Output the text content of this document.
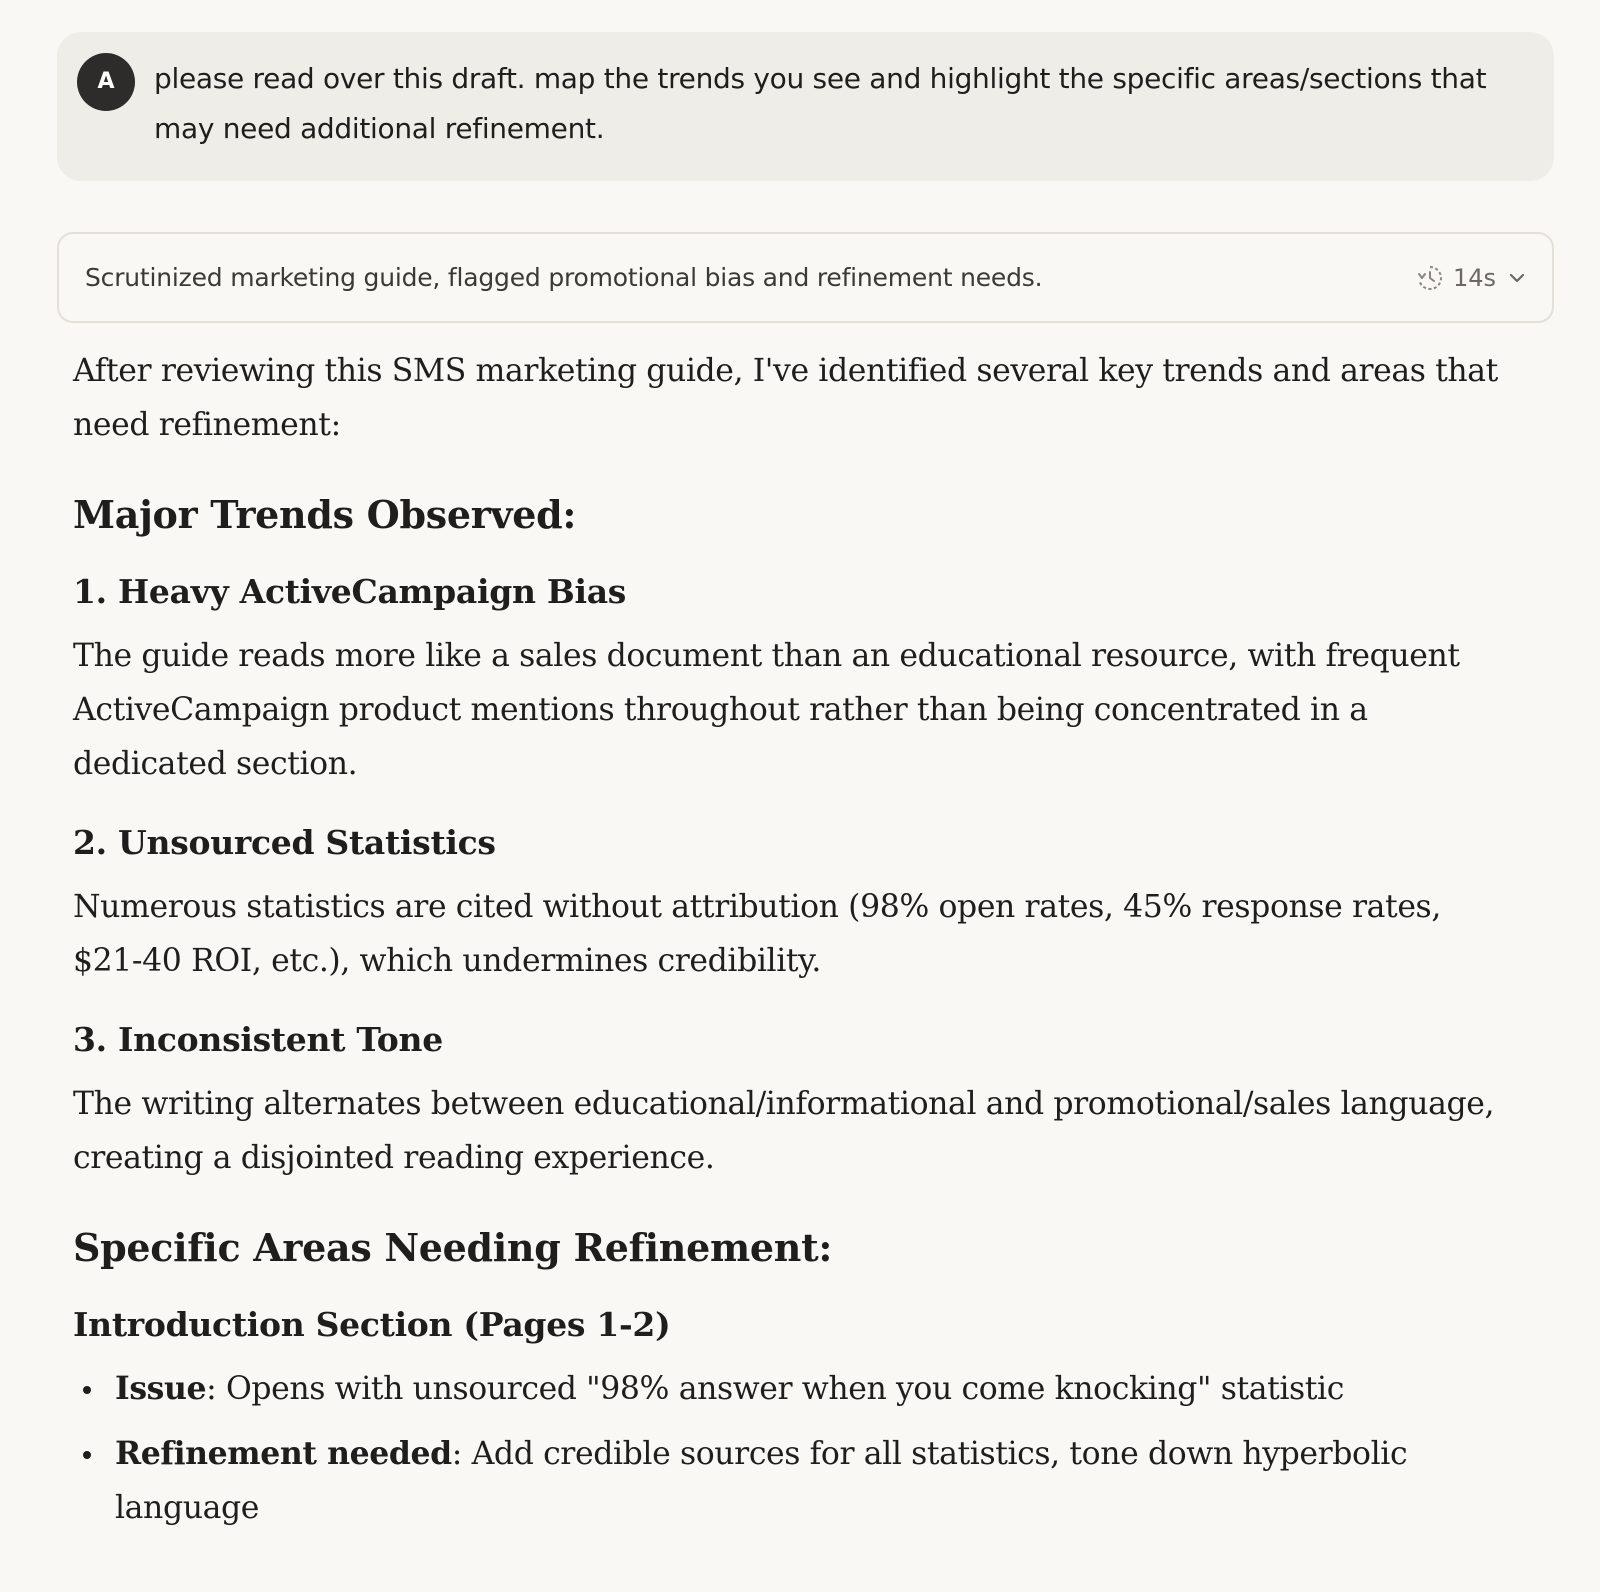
A	please read over this draft. map the trends you see and highlight the specific areas/sections that may need additional refinement.
Scrutinized marketing guide, flagged promotional bias and refinement needs.	14s

After reviewing this SMS marketing guide, I've identified several key trends and areas that need refinement:

Major Trends Observed:
1. Heavy ActiveCampaign Bias

The guide reads more like a sales document than an educational resource, with frequent ActiveCampaign product mentions throughout rather than being concentrated in a dedicated section.

2. Unsourced Statistics

Numerous statistics are cited without attribution (98% open rates, 45% response rates, $21-40 ROI, etc.), which undermines credibility.

3. Inconsistent Tone

The writing alternates between educational/informational and promotional/sales language, creating a disjointed reading experience.

Specific Areas Needing Refinement:
Introduction Section (Pages 1-2)
Issue: Opens with unsourced "98% answer when you come knocking" statistic
Refinement needed: Add credible sources for all statistics, tone down hyperbolic language
